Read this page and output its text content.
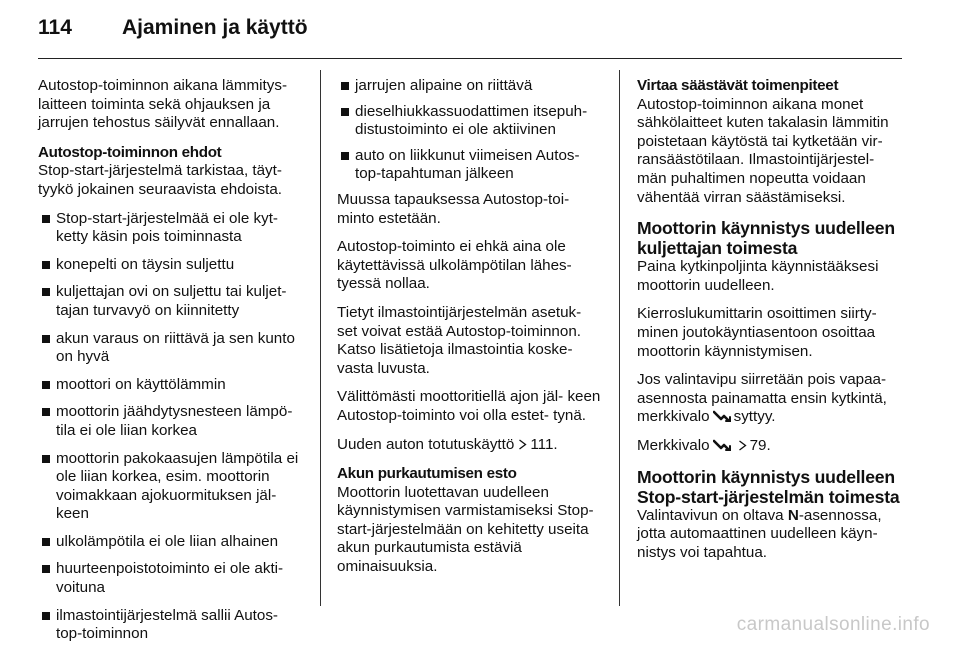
114	Ajaminen ja käyttö

Autostop-toiminnon aikana lämmitys- laitteen toiminta sekä ohjauksen ja jarrujen tehostus säilyvät ennallaan.

Autostop-toiminnon ehdot

Stop-start-järjestelmä tarkistaa, täyt- tyykö jokainen seuraavista ehdoista.

Stop-start-järjestelmää ei ole kyt- ketty käsin pois toiminnasta
konepelti on täysin suljettu
kuljettajan ovi on suljettu tai kuljet- tajan turvavyö on kiinnitetty
akun varaus on riittävä ja sen kunto on hyvä
moottori on käyttölämmin
moottorin jäähdytysnesteen lämpö- tila ei ole liian korkea
moottorin pakokaasujen lämpötila ei ole liian korkea, esim. moottorin voimakkaan ajokuormituksen jäl- keen
ulkolämpötila ei ole liian alhainen
huurteenpoistotoiminto ei ole akti- voituna
ilmastointijärjestelmä sallii Autos- top-toiminnon
jarrujen alipaine on riittävä
dieselhiukkassuodattimen itsepuh- distustoiminto ei ole aktiivinen
auto on liikkunut viimeisen Autos- top-tapahtuman jälkeen

Muussa tapauksessa Autostop-toi- minto estetään.

Autostop-toiminto ei ehkä aina ole käytettävissä ulkolämpötilan lähes- tyessä nollaa.

Tietyt ilmastointijärjestelmän asetuk- set voivat estää Autostop-toiminnon. Katso lisätietoja ilmastointia koske- vasta luvusta.

Välittömästi moottoritiellä ajon jäl- keen Autostop-toiminto voi olla estet- tynä.

Uuden auton totutuskäyttö 111.

Akun purkautumisen esto

Moottorin luotettavan uudelleen käynnistymisen varmistamiseksi Stop-start-järjestelmään on kehitetty useita akun purkautumista estäviä ominaisuuksia.

Virtaa säästävät toimenpiteet

Autostop-toiminnon aikana monet sähkölaitteet kuten takalasin lämmitin poistetaan käytöstä tai kytketään vir- ransäästötilaan. Ilmastointijärjestel- män puhaltimen nopeutta voidaan vähentää virran säästämiseksi.

Moottorin käynnistys uudelleen kuljettajan toimesta

Paina kytkinpoljinta käynnistääksesi moottorin uudelleen.

Kierroslukumittarin osoittimen siirty- minen joutokäyntiasentoon osoittaa moottorin käynnistymisen.

Jos valintavipu siirretään pois vapaa- asennosta painamatta ensin kytkintä, merkkivalo syttyy.

Merkkivalo	79.

Moottorin käynnistys uudelleen Stop-start-järjestelmän toimesta

Valintavivun on oltava N-asennossa, jotta automaattinen uudelleen käyn- nistys voi tapahtua.

carmanualsonline.info
